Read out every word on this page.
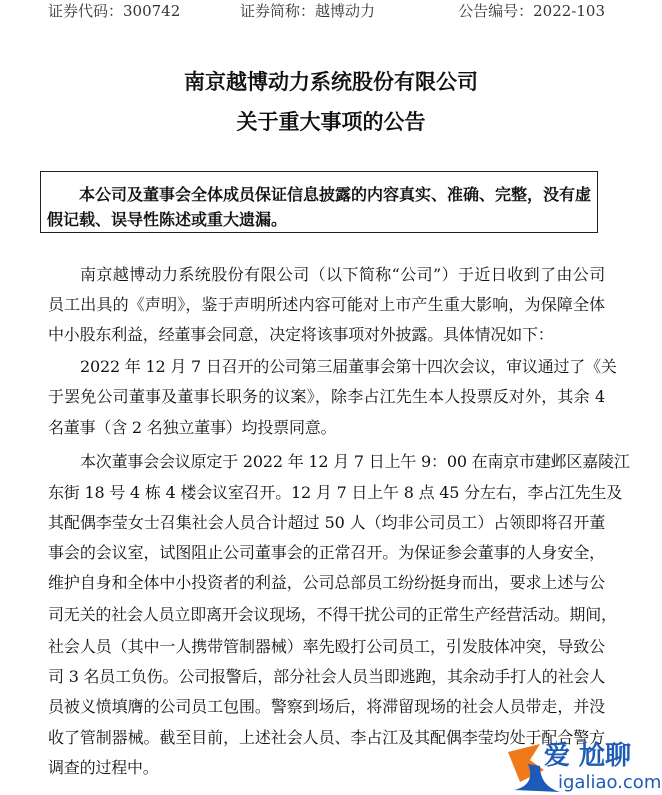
证券代码：300742	证券简称：越博动力	公告编号：2022-103
南京越博动力系统股份有限公司
关于重大事项的公告
本公司及董事会全体成员保证信息披露的内容真实、准确、完整，没有虚
假记载、误导性陈述或重大遗漏。
南京越博动力系统股份有限公司（以下简称“公司”）于近日收到了由公司
员工出具的《声明》，鉴于声明所述内容可能对上市产生重大影响，为保障全体
中小股东利益，经董事会同意，决定将该事项对外披露。具体情况如下：
2022 年 12 月 7 日召开的公司第三届董事会第十四次会议，审议通过了《关
于罢免公司董事及董事长职务的议案》，除李占江先生本人投票反对外，其余 4
名董事（含 2 名独立董事）均投票同意。
本次董事会会议原定于 2022 年 12 月 7 日上午 9：00 在南京市建邺区嘉陵江
东街 18 号 4 栋 4 楼会议室召开。12 月 7 日上午 8 点 45 分左右，李占江先生及
其配偶李莹女士召集社会人员合计超过 50 人（均非公司员工）占领即将召开董
事会的会议室，试图阻止公司董事会的正常召开。为保证参会董事的人身安全，
维护自身和全体中小投资者的利益，公司总部员工纷纷挺身而出，要求上述与公
司无关的社会人员立即离开会议现场，不得干扰公司的正常生产经营活动。期间，
社会人员（其中一人携带管制器械）率先殴打公司员工，引发肢体冲突，导致公
司 3 名员工负伤。公司报警后，部分社会人员当即逃跑，其余动手打人的社会人
员被义愤填膺的公司员工包围。警察到场后，将滞留现场的社会人员带走，并没
收了管制器械。截至目前，上述社会人员、李占江及其配偶李莹均处于配合警方
调查的过程中。	爱 尬聊
igaliao.com
